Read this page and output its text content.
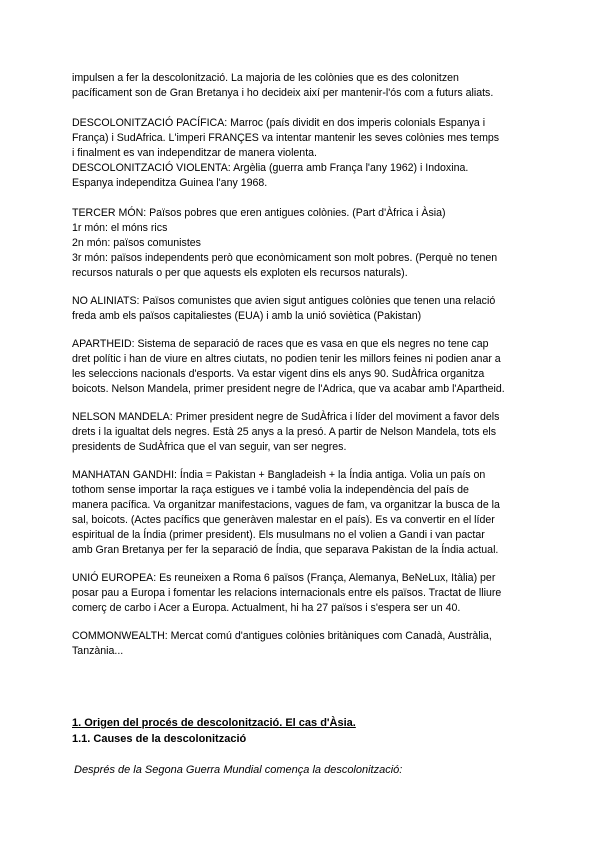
impulsen a fer la descolonització. La majoria de les colònies que es des colonitzen
pacíficament son de Gran Bretanya i ho decideix així per mantenir-l'ós com a futurs aliats.
DESCOLONITZACIÓ PACÍFICA: Marroc (país dividit en dos imperis colonials Espanya i
França) i SudAfrica. L'imperi FRANÇES va intentar mantenir les seves colònies mes temps
i finalment es van independitzar de manera violenta.
DESCOLONITZACIÓ VIOLENTA: Argèlia (guerra amb França l'any 1962) i Indoxina.
Espanya independitza Guinea l'any 1968.
TERCER MÓN: Països pobres que eren antigues colònies. (Part d'Àfrica i Àsia)
1r món: el móns rics
2n món: països comunistes
3r món: països independents però que econòmicament son molt pobres. (Perquè no tenen
recursos naturals o per que aquests els exploten els recursos naturals).
NO ALINIATS: Països comunistes que avien sigut antigues colònies que tenen una relació
freda amb els països capitaliestes (EUA) i amb la unió soviètica (Pakistan)
APARTHEID: Sistema de separació de races que es vasa en que els negres no tene cap
dret polític i han de viure en altres ciutats, no podien tenir les millors feines ni podien anar a
les seleccions nacionals d'esports. Va estar vigent dins els anys 90. SudÀfrica organitza
boicots. Nelson Mandela, primer president negre de l'Adrica, que va acabar amb l'Apartheid.
NELSON MANDELA: Primer president negre de SudÀfrica i líder del moviment a favor dels
drets i la igualtat dels negres. Està 25 anys a la presó. A partir de Nelson Mandela, tots els
presidents de SudÀfrica que el van seguir, van ser negres.
MANHATAN GANDHI: Índia = Pakistan + Bangladeish + la Índia antiga. Volia un país on
tothom sense importar la raça estigues ve i també volia la independència del país de
manera pacífica. Va organitzar manifestacions, vagues de fam, va organitzar la busca de la
sal, boicots. (Actes pacífics que generàven malestar en el país). Es va convertir en el líder
espiritual de la Índia (primer president). Els musulmans no el volien a Gandi i van pactar
amb Gran Bretanya per fer la separació de Índia, que separava Pakistan de la Índia actual.
UNIÓ EUROPEA: Es reuneixen a Roma 6 països (França, Alemanya, BeNeLux, Itàlia) per
posar pau a Europa i fomentar les relacions internacionals entre els països. Tractat de lliure
comerç de carbo i Acer a Europa. Actualment, hi ha 27 països i s'espera ser un 40.
COMMONWEALTH: Mercat comú d'antigues colònies britàniques com Canadà, Austràlia,
Tanzània...
1. Origen del procés de descolonització. El cas d'Àsia.
1.1. Causes de la descolonització
Després de la Segona Guerra Mundial comença la descolonització:
